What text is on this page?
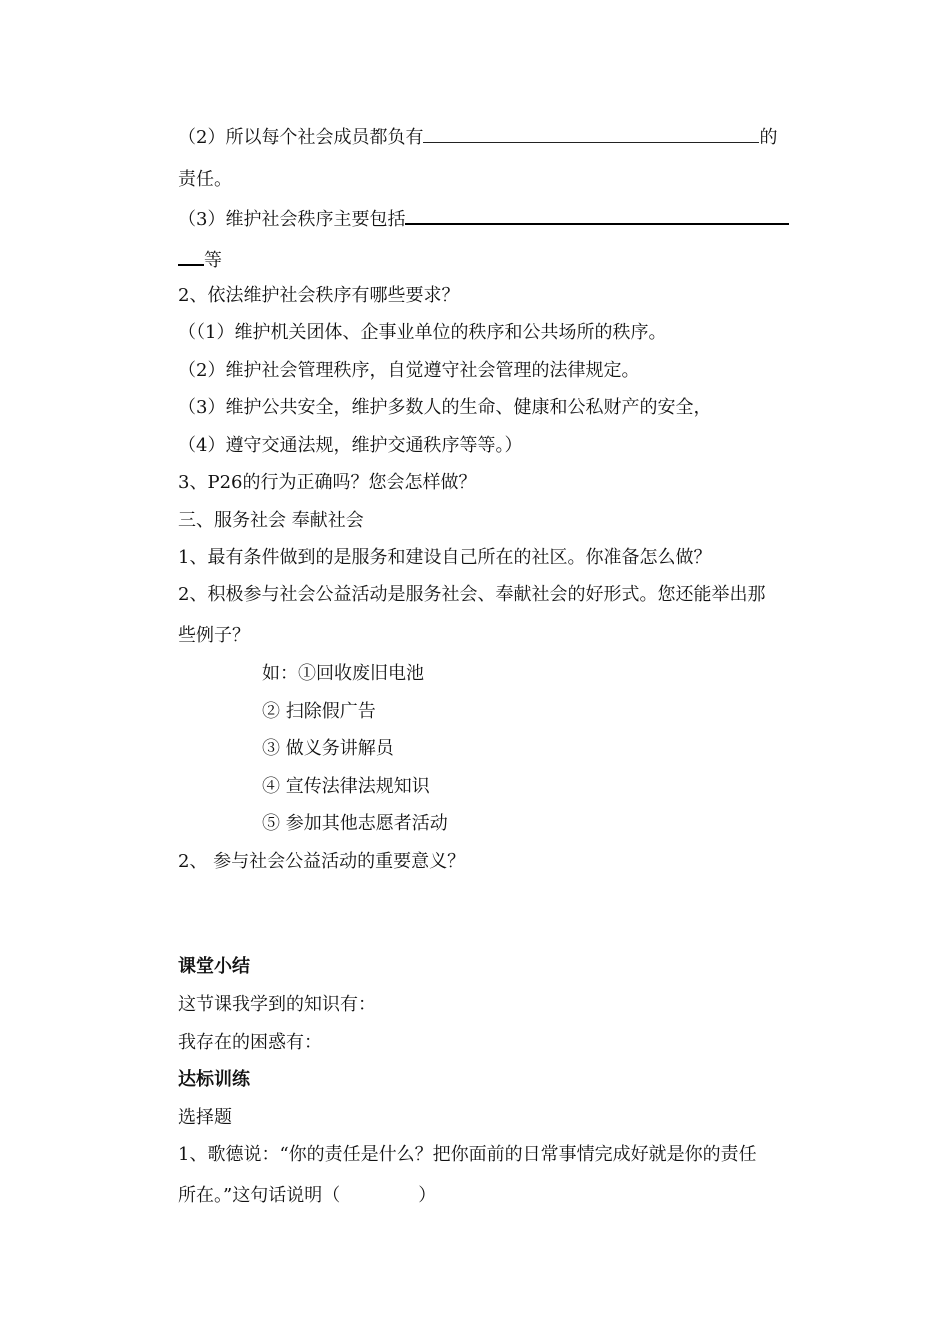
（2）所以每个社会成员都负有	的
责任。
（3）维护社会秩序主要包括
等
2、依法维护社会秩序有哪些要求？
（（1）维护机关团体、企事业单位的秩序和公共场所的秩序。
（2）维护社会管理秩序，自觉遵守社会管理的法律规定。
（3）维护公共安全，维护多数人的生命、健康和公私财产的安全，
（4）遵守交通法规，维护交通秩序等等。）
3、P26的行为正确吗？您会怎样做？
三、服务社会 奉献社会
1、最有条件做到的是服务和建设自己所在的社区。你准备怎么做？
2、积极参与社会公益活动是服务社会、奉献社会的好形式。您还能举出那
些例子？
如：①回收废旧电池
② 扫除假广告
③ 做义务讲解员
④ 宣传法律法规知识
⑤ 参加其他志愿者活动
2、 参与社会公益活动的重要意义？
课堂小结
这节课我学到的知识有：
我存在的困惑有：
达标训练
选择题
1、歌德说：“你的责任是什么？把你面前的日常事情完成好就是你的责任
所在。”这句话说明（	）
